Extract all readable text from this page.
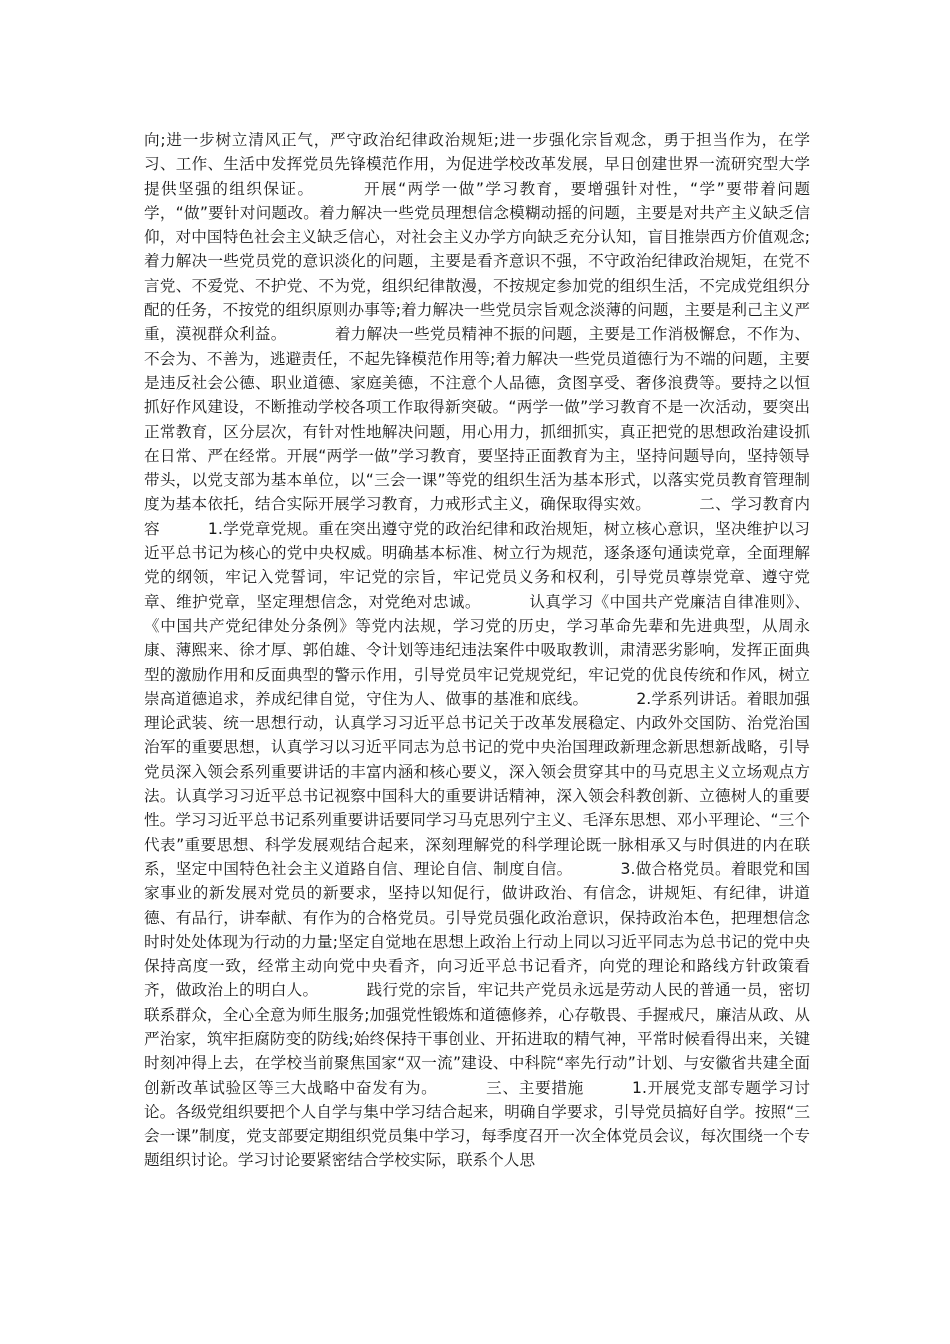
向;进一步树立清风正气，严守政治纪律政治规矩;进一步强化宗旨观念，勇于担当作为，在学习、工作、生活中发挥党员先锋模范作用，为促进学校改革发展，早日创建世界一流研究型大学提供坚强的组织保证。	开展“两学一做”学习教育，要增强针对性，“学”要带着问题学，“做”要针对问题改。着力解决一些党员理想信念模糊动摇的问题，主要是对共产主义缺乏信仰，对中国特色社会主义缺乏信心，对社会主义办学方向缺乏充分认知，盲目推崇西方价值观念;着力解决一些党员党的意识淡化的问题，主要是看齐意识不强，不守政治纪律政治规矩，在党不言党、不爱党、不护党、不为党，组织纪律散漫，不按规定参加党的组织生活，不完成党组织分配的任务，不按党的组织原则办事等;着力解决一些党员宗旨观念淡薄的问题，主要是利己主义严重，漠视群众利益。	着力解决一些党员精神不振的问题，主要是工作消极懈怠，不作为、不会为、不善为，逃避责任，不起先锋模范作用等;着力解决一些党员道德行为不端的问题，主要是违反社会公德、职业道德、家庭美德，不注意个人品德，贪图享受、奢侈浪费等。要持之以恒抓好作风建设，不断推动学校各项工作取得新突破。“两学一做”学习教育不是一次活动，要突出正常教育，区分层次，有针对性地解决问题，用心用力，抓细抓实，真正把党的思想政治建设抓在日常、严在经常。开展“两学一做”学习教育，要坚持正面教育为主，坚持问题导向，坚持领导带头，以党支部为基本单位，以“三会一课”等党的组织生活为基本形式，以落实党员教育管理制度为基本依托，结合实际开展学习教育，力戒形式主义，确保取得实效。	二、学习教育内容	1.学党章党规。重在突出遵守党的政治纪律和政治规矩，树立核心意识，坚决维护以习近平总书记为核心的党中央权威。明确基本标准、树立行为规范，逐条逐句通读党章，全面理解党的纲领，牢记入党誓词，牢记党的宗旨，牢记党员义务和权利，引导党员尊崇党章、遵守党章、维护党章，坚定理想信念，对党绝对忠诚。	认真学习《中国共产党廉洁自律准则》、《中国共产党纪律处分条例》等党内法规，学习党的历史，学习革命先辈和先进典型，从周永康、薄熙来、徐才厚、郭伯雄、令计划等违纪违法案件中吸取教训，肃清恶劣影响，发挥正面典型的激励作用和反面典型的警示作用，引导党员牢记党规党纪，牢记党的优良传统和作风，树立崇高道德追求，养成纪律自觉，守住为人、做事的基准和底线。	2.学系列讲话。着眼加强理论武装、统一思想行动，认真学习习近平总书记关于改革发展稳定、内政外交国防、治党治国治军的重要思想，认真学习以习近平同志为总书记的党中央治国理政新理念新思想新战略，引导党员深入领会系列重要讲话的丰富内涵和核心要义，深入领会贯穿其中的马克思主义立场观点方法。认真学习习近平总书记视察中国科大的重要讲话精神，深入领会科教创新、立德树人的重要性。学习习近平总书记系列重要讲话要同学习马克思列宁主义、毛泽东思想、邓小平理论、“三个代表”重要思想、科学发展观结合起来，深刻理解党的科学理论既一脉相承又与时俱进的内在联系，坚定中国特色社会主义道路自信、理论自信、制度自信。	3.做合格党员。着眼党和国家事业的新发展对党员的新要求，坚持以知促行，做讲政治、有信念，讲规矩、有纪律，讲道德、有品行，讲奉献、有作为的合格党员。引导党员强化政治意识，保持政治本色，把理想信念时时处处体现为行动的力量;坚定自觉地在思想上政治上行动上同以习近平同志为总书记的党中央保持高度一致，经常主动向党中央看齐，向习近平总书记看齐，向党的理论和路线方针政策看齐，做政治上的明白人。	践行党的宗旨，牢记共产党员永远是劳动人民的普通一员，密切联系群众，全心全意为师生服务;加强党性锻炼和道德修养，心存敬畏、手握戒尺，廉洁从政、从严治家，筑牢拒腐防变的防线;始终保持干事创业、开拓进取的精气神，平常时候看得出来，关键时刻冲得上去，在学校当前聚焦国家“双一流”建设、中科院“率先行动”计划、与安徽省共建全面创新改革试验区等三大战略中奋发有为。	三、主要措施	1.开展党支部专题学习讨论。各级党组织要把个人自学与集中学习结合起来，明确自学要求，引导党员搞好自学。按照“三会一课”制度，党支部要定期组织党员集中学习，每季度召开一次全体党员会议，每次围绕一个专题组织讨论。学习讨论要紧密结合学校实际，联系个人思
